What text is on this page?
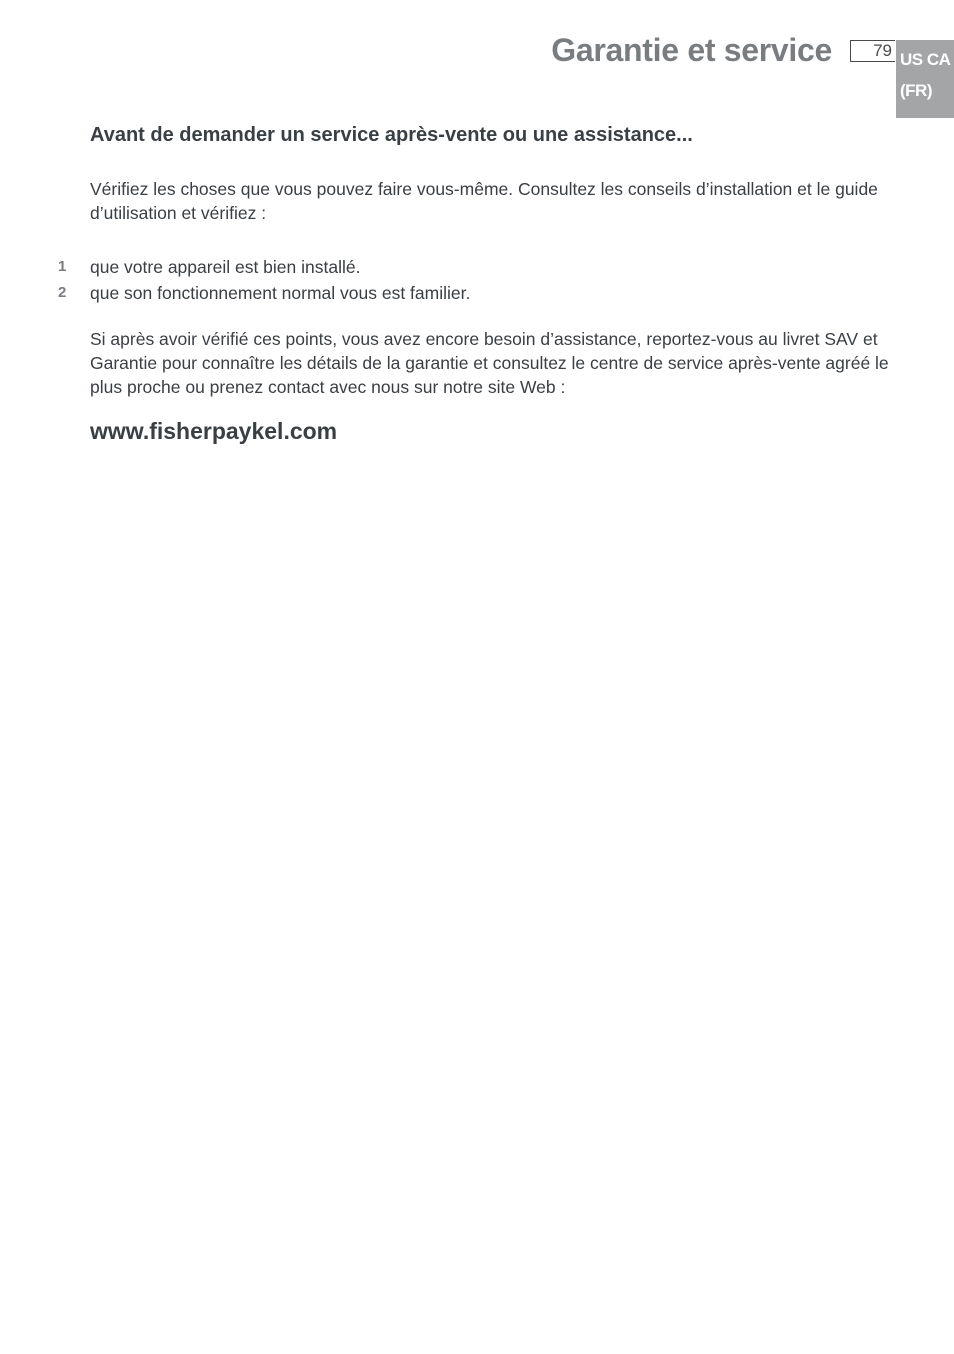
Garantie et service	79 US CA
(FR)
Avant de demander un service après-vente ou une assistance...
Vérifiez les choses que vous pouvez faire vous-même. Consultez les conseils d’installation et le guide d’utilisation et vérifiez :
1 que votre appareil est bien installé.
2 que son fonctionnement normal vous est familier.
Si après avoir vérifié ces points, vous avez encore besoin d’assistance, reportez-vous au livret SAV et Garantie pour connaître les détails de la garantie et consultez le centre de service après-vente agréé le plus proche ou prenez contact avec nous sur notre site Web :
www.fisherpaykel.com
